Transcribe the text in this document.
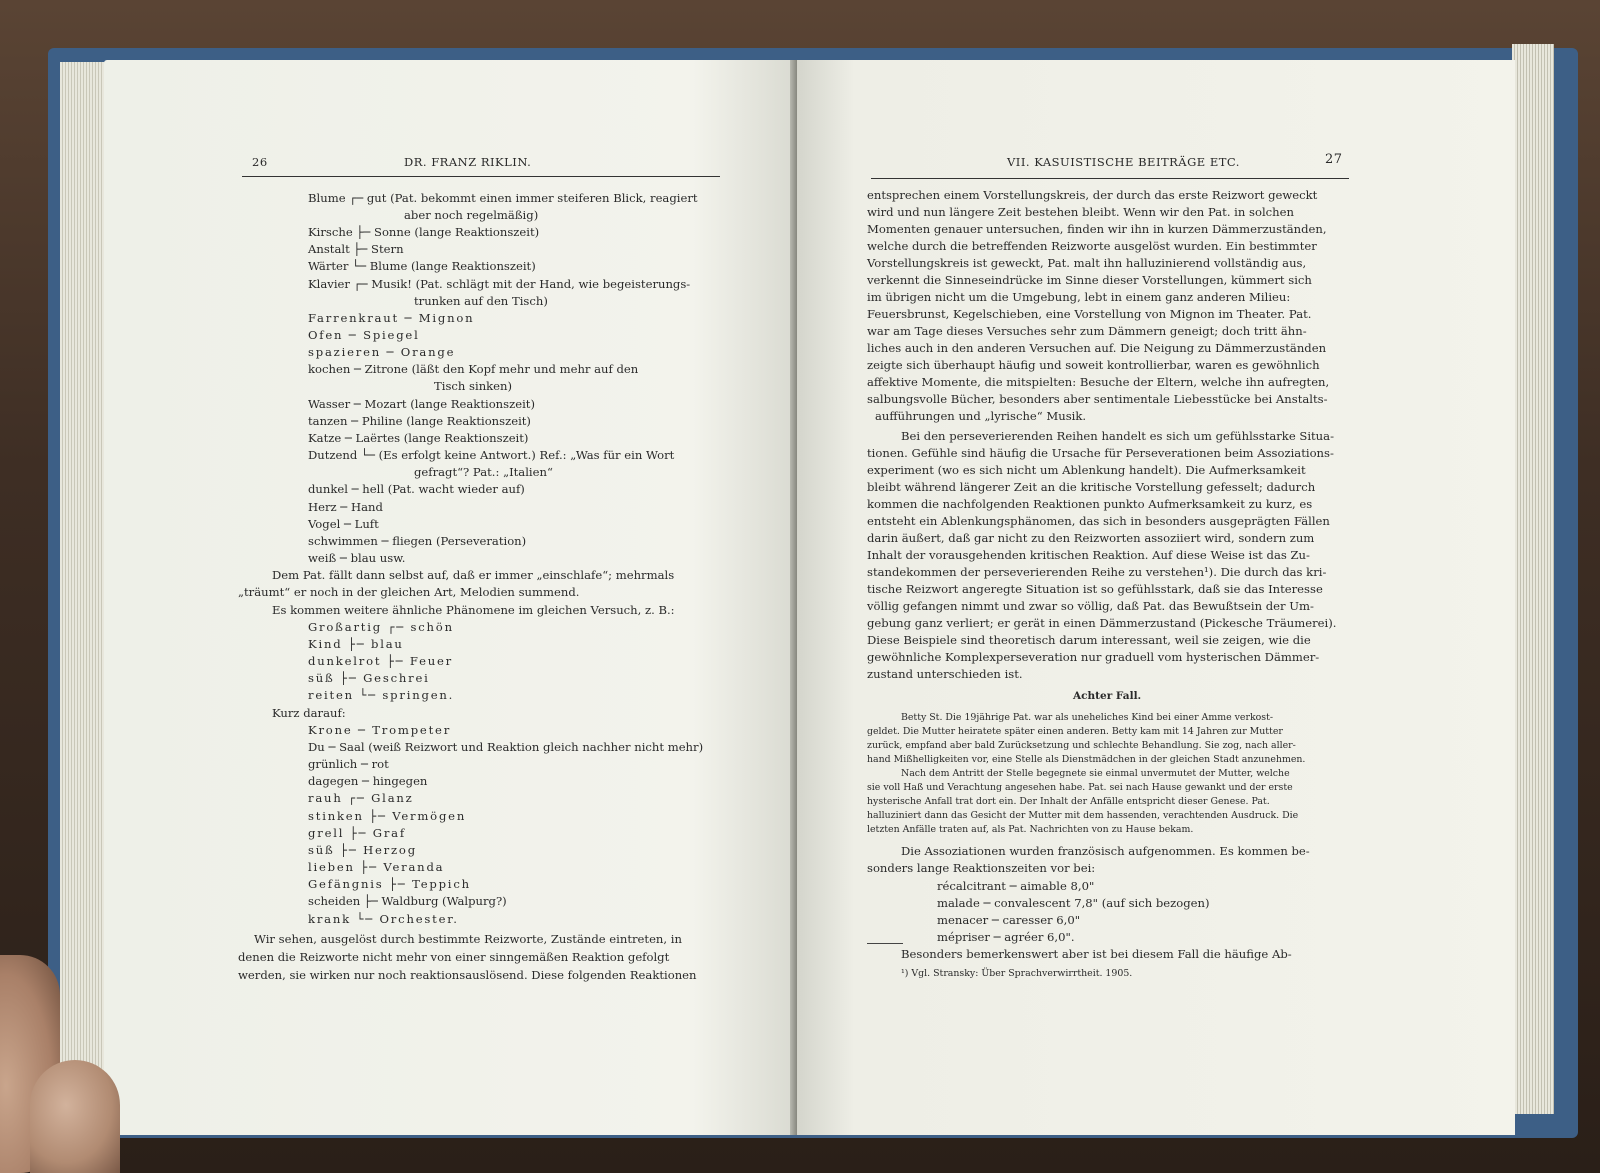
26	DR. FRANZ RIKLIN.
Blume ┌─ gut (Pat. bekommt einen immer steiferen Blick, reagiert
aber noch regelmäßig)
Kirsche ├─ Sonne (lange Reaktionszeit)
Anstalt ├─ Stern
Wärter └─ Blume (lange Reaktionszeit)
Klavier ┌─ Musik! (Pat. schlägt mit der Hand, wie begeisterungs-
trunken auf den Tisch)
Farrenkraut ─ Mignon
Ofen ─ Spiegel
spazieren ─ Orange
kochen ─ Zitrone (läßt den Kopf mehr und mehr auf den
Tisch sinken)
Wasser ─ Mozart (lange Reaktionszeit)
tanzen ─ Philine (lange Reaktionszeit)
Katze ─ Laërtes (lange Reaktionszeit)
Dutzend └─ (Es erfolgt keine Antwort.) Ref.: „Was für ein Wort
gefragt“? Pat.: „Italien“
dunkel ─ hell (Pat. wacht wieder auf)
Herz ─ Hand
Vogel ─ Luft
schwimmen ─ fliegen (Perseveration)
weiß ─ blau usw.
Dem Pat. fällt dann selbst auf, daß er immer „einschlafe“; mehrmals
„träumt“ er noch in der gleichen Art, Melodien summend.
Es kommen weitere ähnliche Phänomene im gleichen Versuch, z. B.:
Großartig ┌─ schön
Kind ├─ blau
dunkelrot ├─ Feuer
süß ├─ Geschrei
reiten └─ springen.
Kurz darauf:
Krone ─ Trompeter
Du ─ Saal (weiß Reizwort und Reaktion gleich nachher nicht mehr)
grünlich ─ rot
dagegen ─ hingegen
rauh ┌─ Glanz
stinken ├─ Vermögen
grell ├─ Graf
süß ├─ Herzog
lieben ├─ Veranda
Gefängnis ├─ Teppich
scheiden ├─ Waldburg (Walpurg?)
krank └─ Orchester.
Wir sehen, ausgelöst durch bestimmte Reizworte, Zustände eintreten, in
denen die Reizworte nicht mehr von einer sinngemäßen Reaktion gefolgt
werden, sie wirken nur noch reaktionsauslösend. Diese folgenden Reaktionen
VII. KASUISTISCHE BEITRÄGE ETC.	27
entsprechen einem Vorstellungskreis, der durch das erste Reizwort geweckt
wird und nun längere Zeit bestehen bleibt. Wenn wir den Pat. in solchen
Momenten genauer untersuchen, finden wir ihn in kurzen Dämmerzuständen,
welche durch die betreffenden Reizworte ausgelöst wurden. Ein bestimmter
Vorstellungskreis ist geweckt, Pat. malt ihn halluzinierend vollständig aus,
verkennt die Sinneseindrücke im Sinne dieser Vorstellungen, kümmert sich
im übrigen nicht um die Umgebung, lebt in einem ganz anderen Milieu:
Feuersbrunst, Kegelschieben, eine Vorstellung von Mignon im Theater. Pat.
war am Tage dieses Versuches sehr zum Dämmern geneigt; doch tritt ähn-
liches auch in den anderen Versuchen auf. Die Neigung zu Dämmerzuständen
zeigte sich überhaupt häufig und soweit kontrollierbar, waren es gewöhnlich
affektive Momente, die mitspielten: Besuche der Eltern, welche ihn aufregten,
salbungsvolle Bücher, besonders aber sentimentale Liebesstücke bei Anstalts-
aufführungen und „lyrische“ Musik.
Bei den perseverierenden Reihen handelt es sich um gefühlsstarke Situa-
tionen. Gefühle sind häufig die Ursache für Perseverationen beim Assoziations-
experiment (wo es sich nicht um Ablenkung handelt). Die Aufmerksamkeit
bleibt während längerer Zeit an die kritische Vorstellung gefesselt; dadurch
kommen die nachfolgenden Reaktionen punkto Aufmerksamkeit zu kurz, es
entsteht ein Ablenkungsphänomen, das sich in besonders ausgeprägten Fällen
darin äußert, daß gar nicht zu den Reizworten assoziiert wird, sondern zum
Inhalt der vorausgehenden kritischen Reaktion. Auf diese Weise ist das Zu-
standekommen der perseverierenden Reihe zu verstehen¹). Die durch das kri-
tische Reizwort angeregte Situation ist so gefühlsstark, daß sie das Interesse
völlig gefangen nimmt und zwar so völlig, daß Pat. das Bewußtsein der Um-
gebung ganz verliert; er gerät in einen Dämmerzustand (Pickesche Träumerei).
Diese Beispiele sind theoretisch darum interessant, weil sie zeigen, wie die
gewöhnliche Komplexperseveration nur graduell vom hysterischen Dämmer-
zustand unterschieden ist.
Achter Fall.
Betty St. Die 19jährige Pat. war als uneheliches Kind bei einer Amme verkost-
geldet. Die Mutter heiratete später einen anderen. Betty kam mit 14 Jahren zur Mutter
zurück, empfand aber bald Zurücksetzung und schlechte Behandlung. Sie zog, nach aller-
hand Mißhelligkeiten vor, eine Stelle als Dienstmädchen in der gleichen Stadt anzunehmen.
Nach dem Antritt der Stelle begegnete sie einmal unvermutet der Mutter, welche
sie voll Haß und Verachtung angesehen habe. Pat. sei nach Hause gewankt und der erste
hysterische Anfall trat dort ein. Der Inhalt der Anfälle entspricht dieser Genese. Pat.
halluziniert dann das Gesicht der Mutter mit dem hassenden, verachtenden Ausdruck. Die
letzten Anfälle traten auf, als Pat. Nachrichten von zu Hause bekam.
Die Assoziationen wurden französisch aufgenommen. Es kommen be-
sonders lange Reaktionszeiten vor bei:
récalcitrant ─ aimable 8,0"
malade ─ convalescent 7,8" (auf sich bezogen)
menacer ─ caresser 6,0"
mépriser ─ agréer 6,0".
Besonders bemerkenswert aber ist bei diesem Fall die häufige Ab-
¹) Vgl. Stransky: Über Sprachverwirrtheit. 1905.
